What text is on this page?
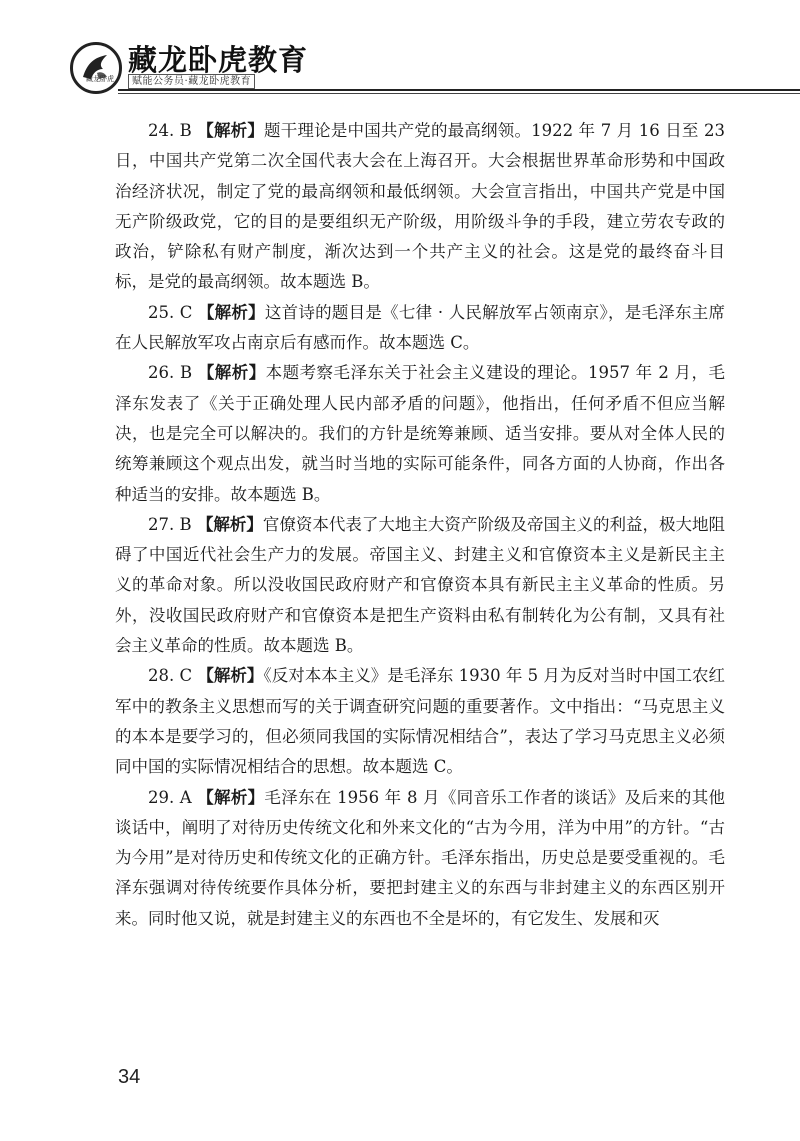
藏龙卧虎
藏龙卧虎教育
赋能公务员·藏龙卧虎教育

24. B 【解析】题干理论是中国共产党的最高纲领。1922 年 7 月 16 日至 23 日，中国共产党第二次全国代表大会在上海召开。大会根据世界革命形势和中国政治经济状况，制定了党的最高纲领和最低纲领。大会宣言指出，中国共产党是中国无产阶级政党，它的目的是要组织无产阶级，用阶级斗争的手段，建立劳农专政的政治，铲除私有财产制度，渐次达到一个共产主义的社会。这是党的最终奋斗目标，是党的最高纲领。故本题选 B。

25. C 【解析】这首诗的题目是《七律 · 人民解放军占领南京》，是毛泽东主席在人民解放军攻占南京后有感而作。故本题选 C。

26. B 【解析】本题考察毛泽东关于社会主义建设的理论。1957 年 2 月，毛泽东发表了《关于正确处理人民内部矛盾的问题》，他指出，任何矛盾不但应当解决，也是完全可以解决的。我们的方针是统筹兼顾、适当安排。要从对全体人民的统筹兼顾这个观点出发，就当时当地的实际可能条件，同各方面的人协商，作出各种适当的安排。故本题选 B。

27. B 【解析】官僚资本代表了大地主大资产阶级及帝国主义的利益，极大地阻碍了中国近代社会生产力的发展。帝国主义、封建主义和官僚资本主义是新民主主义的革命对象。所以没收国民政府财产和官僚资本具有新民主主义革命的性质。另外，没收国民政府财产和官僚资本是把生产资料由私有制转化为公有制，又具有社会主义革命的性质。故本题选 B。

28. C 【解析】《反对本本主义》是毛泽东 1930 年 5 月为反对当时中国工农红军中的教条主义思想而写的关于调查研究问题的重要著作。文中指出：“马克思主义的本本是要学习的，但必须同我国的实际情况相结合”，表达了学习马克思主义必须同中国的实际情况相结合的思想。故本题选 C。

29. A 【解析】毛泽东在 1956 年 8 月《同音乐工作者的谈话》及后来的其他谈话中，阐明了对待历史传统文化和外来文化的“古为今用，洋为中用”的方针。“古为今用”是对待历史和传统文化的正确方针。毛泽东指出，历史总是要受重视的。毛泽东强调对待传统要作具体分析，要把封建主义的东西与非封建主义的东西区别开来。同时他又说，就是封建主义的东西也不全是坏的，有它发生、发展和灭

34
